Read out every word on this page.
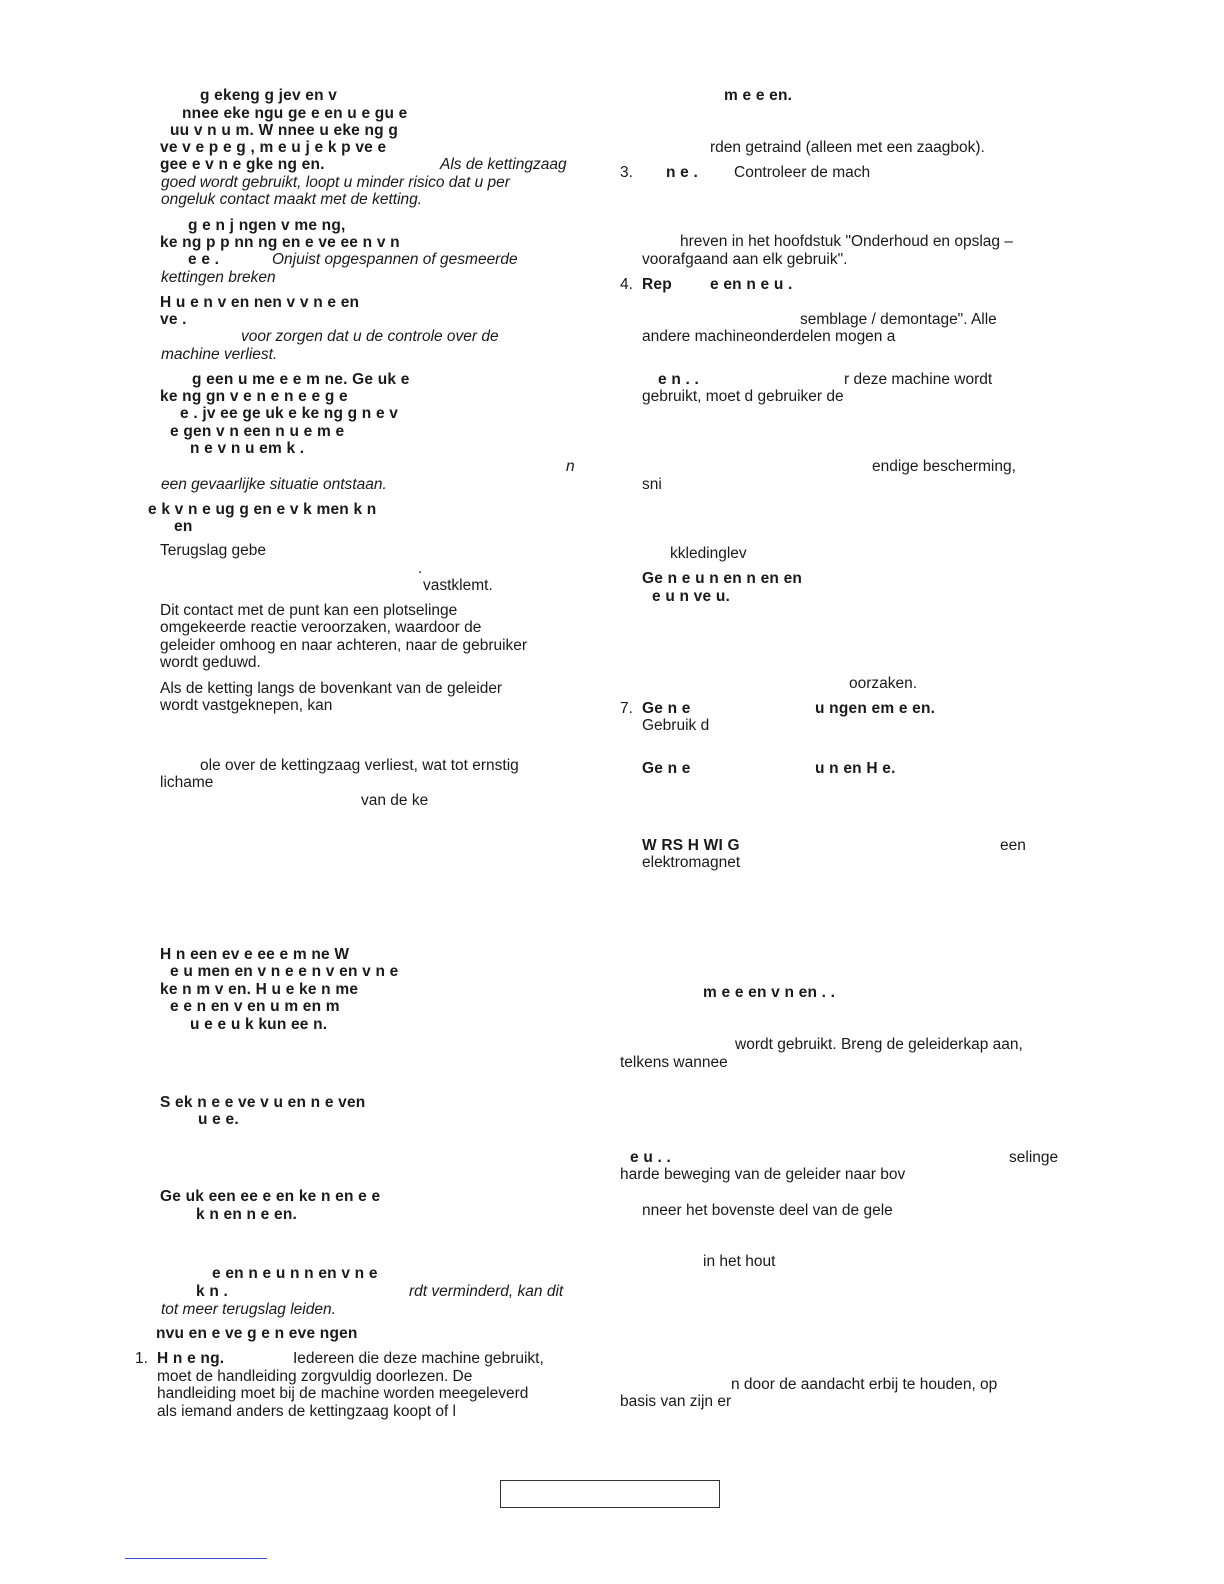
g ekeng g jev en v
nnee eke ngu ge e en u e gu e
uu v n u m. W nnee u eke ng g
ve v e p e g , m e u j e k p ve e
gee e v n e gke ng en.	Als de kettingzaag
goed wordt gebruikt, loopt u minder risico dat u per
ongeluk contact maakt met de ketting.
g e n j ngen v me ng,
ke ng p p nn ng en e ve ee n v n
e e .	Onjuist opgespannen of gesmeerde
kettingen breken
H u e n v en nen v v n e en
ve .
voor zorgen dat u de controle over de
machine verliest.
g een u me e e m ne. Ge uk e
ke ng gn v e n e n e e g e
e . jv ee ge uk e ke ng g n e v
e gen v n een n u e m e
n e v n u em k .
n
een gevaarlijke situatie ontstaan.
e k v n e ug g en e v k men k n
en
Terugslag gebe
.
vastklemt.
Dit contact met de punt kan een plotselinge
omgekeerde reactie veroorzaken, waardoor de
geleider omhoog en naar achteren, naar de gebruiker
wordt geduwd.
Als de ketting langs de bovenkant van de geleider
wordt vastgeknepen, kan
ole over de kettingzaag verliest, wat tot ernstig
lichame
van de ke
H n een ev e ee e m ne W
e u men en v n e e n v en v n e
ke n m v en. H u e ke n me
e e n en v en u m en m
u e e u k kun ee n.
S ek n e e ve v u en n e ven
u e e.
Ge uk een ee e en ke n en e e
k n en n e en.
e en n e u n n en v n e
k n .	rdt verminderd, kan dit
tot meer terugslag leiden.
nvu en e ve g e n eve ngen
1. H n e ng.	Iedereen die deze machine gebruikt,
moet de handleiding zorgvuldig doorlezen. De
handleiding moet bij de machine worden meegeleverd
als iemand anders de kettingzaag koopt of l
m e e en.
rden getraind (alleen met een zaagbok).
3. n e . Controleer de mach
hreven in het hoofdstuk "Onderhoud en opslag –
voorafgaand aan elk gebruik".
4. Rep e en n e u .
semblage / demontage". Alle
andere machineonderdelen mogen a
e n . .	r deze machine wordt
gebruikt, moet d gebruiker de
endige bescherming,
sni
kkledinglev
Ge n e u n en n en en
e u n ve u.
oorzaken.
7. Ge n e	u ngen em e en.
Gebruik d
Ge n e	u n en H e.
W RS H WI G	een
elektromagnet
m e e en v n en . .
wordt gebruikt. Breng de geleiderkap aan,
telkens wannee
e u . .	selinge
harde beweging van de geleider naar bov
nneer het bovenste deel van de gele
in het hout
n door de aandacht erbij te houden, op
basis van zijn er
